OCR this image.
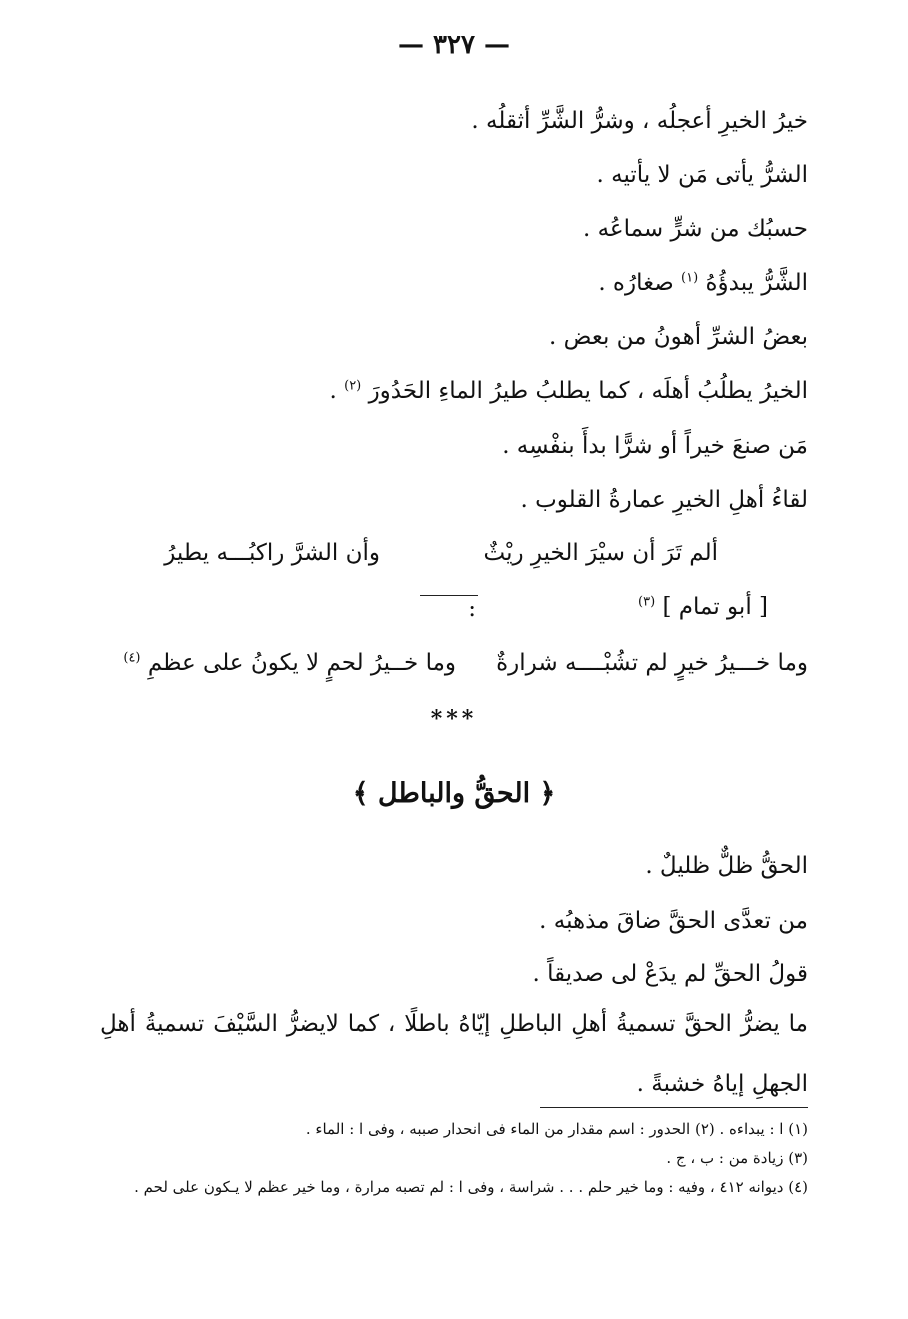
— ٣٢٧ —
خيرُ الخيرِ أعجلُه ، وشرُّ الشَّرِّ أثقلُه .
الشرُّ يأتى مَن لا يأتيه .
حسبُك من شرٍّ سماعُه .
الشَّرُّ يبدؤُهُ $^{(١)}$ صغارُه .
بعضُ الشرِّ أهونُ من بعض .
الخيرُ يطلُبُ أهلَه ، كما يطلبُ طيرُ الماءِ الحَدُورَ $^{(٢)}$ .
مَن صنعَ خيراً أو شرًّا بدأَ بنفْسِه .
لقاءُ أهلِ الخيرِ عمارةُ القلوب .
ألم تَرَ أن سيْرَ الخيرِ ريْثٌ
وأن الشرَّ راكبُـــه يطيرُ
[ أبو تمام ] $^{(٣)}$
:
وما خـــيرُ خيرٍ لم تشُبْــــه شرارةٌ
وما خــيرُ لحمٍ لا يكونُ على عظمِ $^{(٤)}$
***
﴿ الحقُّ والباطل ﴾
الحقُّ ظلٌّ ظليلٌ .
من تعدَّى الحقَّ ضاقَ مذهبُه .
قولُ الحقِّ لم يدَعْ لى صديقاً .
ما يضرُّ الحقَّ تسميةُ أهلِ الباطلِ إيّاهُ باطلًا ، كما لايضرُّ السَّيْفَ تسميةُ أهلِ الجهلِ إياهُ خشبةً .
(١) ا : يبداءه . (٢) الحدور : اسم مقدار من الماء فى انحدار صببه ، وفى ا : الماء .
(٣) زيادة من : ب ، ج .
(٤) ديوانه ٤١٢ ، وفيه : وما خير حلم . . . شراسة ، وفى ا : لم تصبه مرارة ، وما خير عظم لا يـكون على لحم .
